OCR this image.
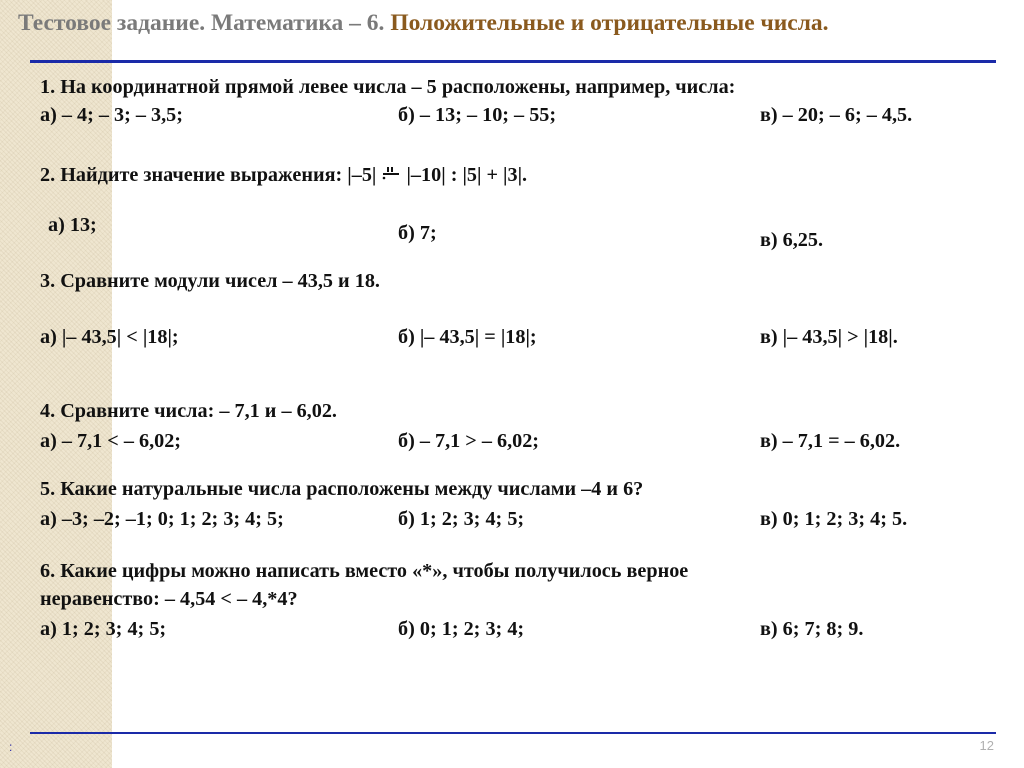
Тестовое задание. Математика – 6. Положительные и отрицательные числа.
1. На координатной прямой левее числа – 5 расположены, например, числа:
а) – 4; – 3; – 3,5;	б) – 13; – 10; – 55;	в) – 20; – 6; – 4,5.
2. Найдите значение выражения: |–5|  |–10| : |5| + |3|.
а) 13;	б) 7;	в) 6,25.
3. Сравните модули чисел – 43,5 и 18.
а) |– 43,5| < |18|;	б) |– 43,5| = |18|;	в) |– 43,5| > |18|.
4. Сравните числа: – 7,1 и – 6,02.
а) – 7,1 < – 6,02;	б) – 7,1 > – 6,02;	в) – 7,1 = – 6,02.
5. Какие натуральные числа расположены между числами –4 и 6?
а) –3; –2; –1; 0; 1; 2; 3; 4; 5;	б) 1; 2; 3; 4; 5;	в) 0; 1; 2; 3; 4; 5.
6. Какие цифры можно написать вместо «*», чтобы получилось верное
неравенство: – 4,54 < – 4,*4?
а) 1; 2; 3; 4; 5;	б) 0; 1; 2; 3; 4;	в) 6; 7; 8; 9.
:	12
